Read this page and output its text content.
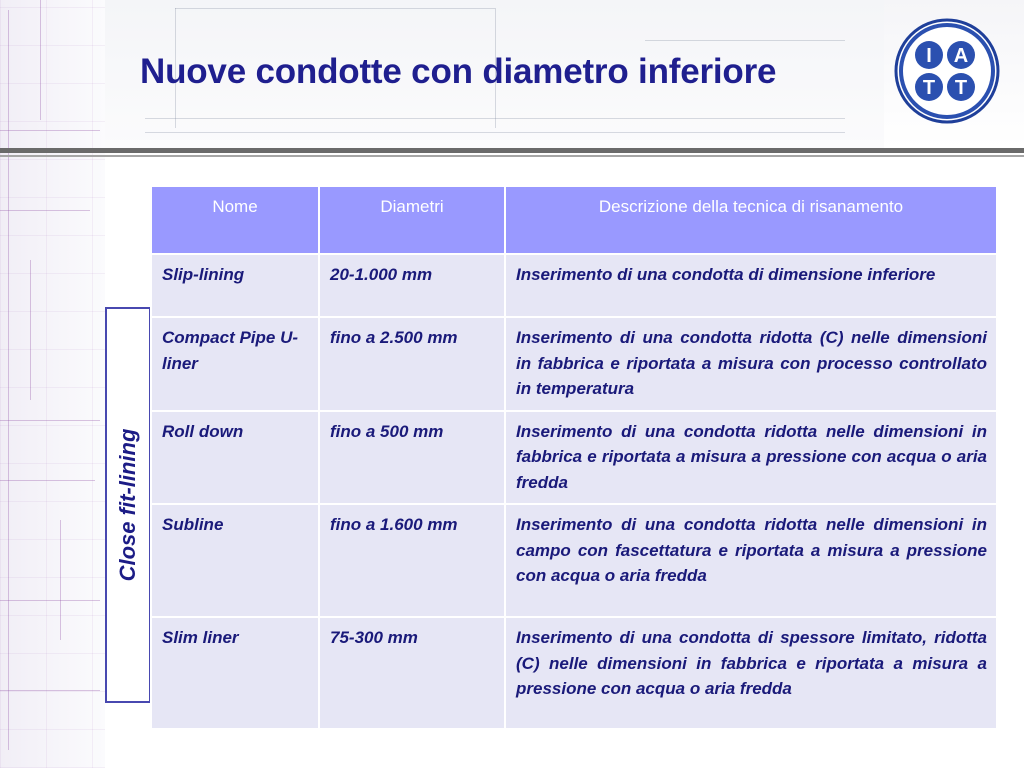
Nuove condotte con diametro inferiore	I A
T T
Close fit-lining
Nome	Diametri	Descrizione della tecnica di risanamento
Slip-lining	20-1.000 mm	Inserimento di una condotta di dimensione inferiore
Compact Pipe U-liner	fino a 2.500 mm	Inserimento di una condotta ridotta (C) nelle dimensioni in fabbrica e riportata a misura con processo controllato in temperatura
Roll down	fino a 500 mm	Inserimento di una condotta ridotta nelle dimensioni in fabbrica e riportata a misura a pressione con acqua o aria fredda
Subline	fino a 1.600 mm	Inserimento di una condotta ridotta nelle dimensioni in campo con fascettatura e riportata a misura a pressione con acqua o aria fredda
Slim liner	75-300 mm	Inserimento di una condotta di spessore limitato, ridotta (C) nelle dimensioni in fabbrica e riportata a misura a pressione con acqua o aria fredda
